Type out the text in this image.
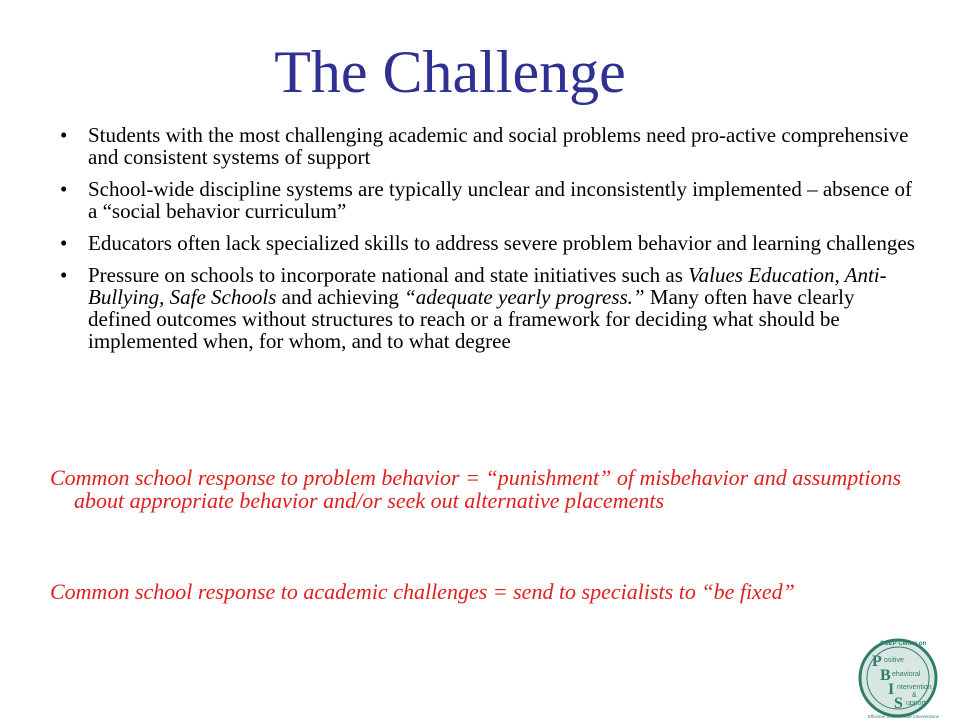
The Challenge
• Students with the most challenging academic and social problems need pro-active comprehensive and consistent systems of support
• School-wide discipline systems are typically unclear and inconsistently implemented – absence of a “social behavior curriculum”
• Educators often lack specialized skills to address severe problem behavior and learning challenges
• Pressure on schools to incorporate national and state initiatives such as Values Education, Anti-Bullying, Safe Schools and achieving “adequate yearly progress.” Many often have clearly defined outcomes without structures to reach or a framework for deciding what should be implemented when, for whom, and to what degree
Common school response to problem behavior = “punishment” of misbehavior and assumptions about appropriate behavior and/or seek out alternative placements
Common school response to academic challenges = send to specialists to “be fixed”
OSEP Center on
P
B
I
S
ositive
ehavioral
ntervention
&
upport
Effective School-Wide Interventions
